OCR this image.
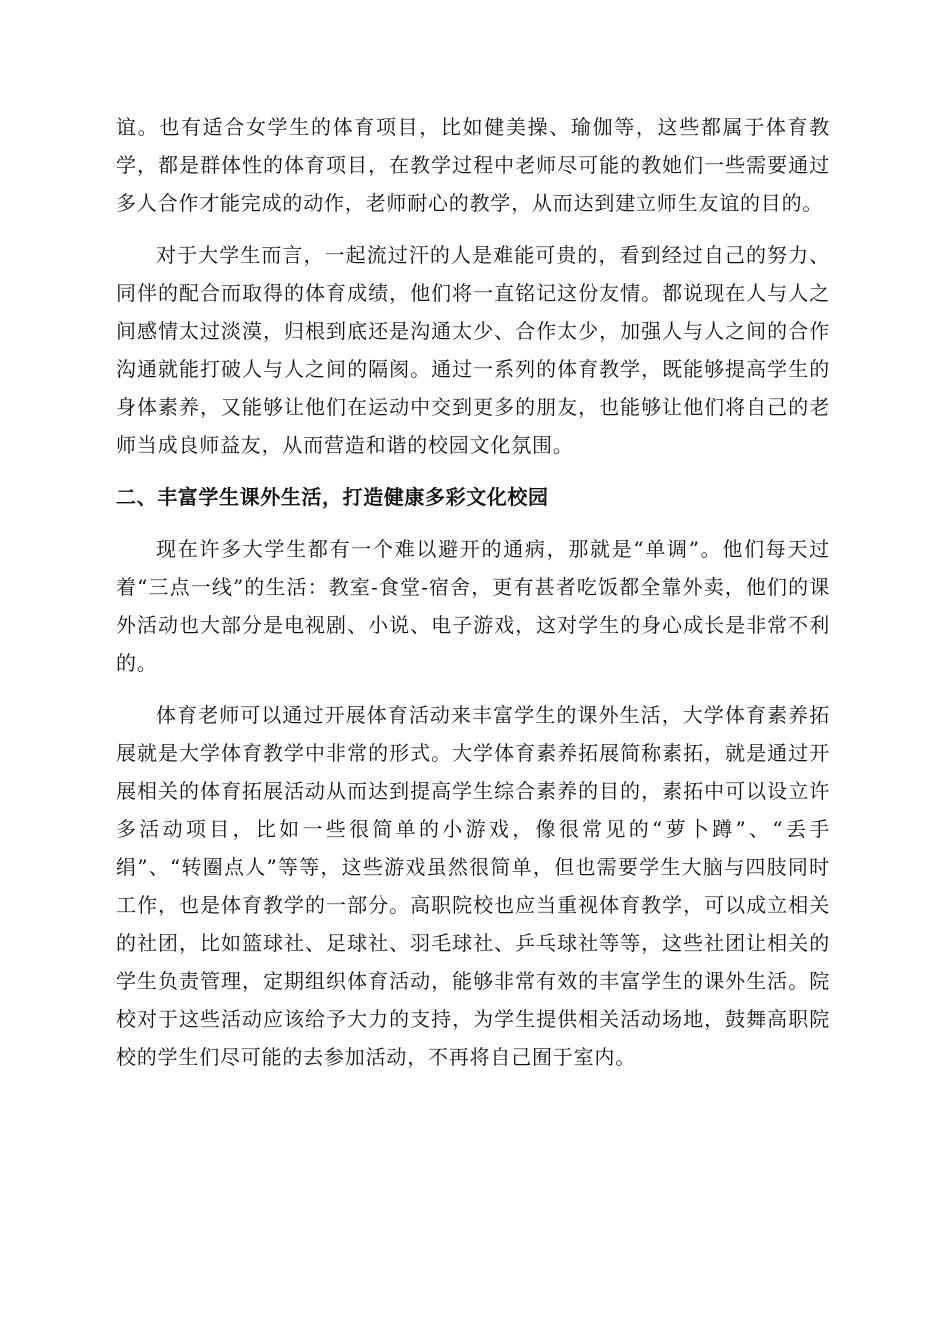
谊。也有适合女学生的体育项目，比如健美操、瑜伽等，这些都属于体育教学，都是群体性的体育项目，在教学过程中老师尽可能的教她们一些需要通过多人合作才能完成的动作，老师耐心的教学，从而达到建立师生友谊的目的。

对于大学生而言，一起流过汗的人是难能可贵的，看到经过自己的努力、同伴的配合而取得的体育成绩，他们将一直铭记这份友情。都说现在人与人之间感情太过淡漠，归根到底还是沟通太少、合作太少，加强人与人之间的合作沟通就能打破人与人之间的隔阂。通过一系列的体育教学，既能够提高学生的身体素养，又能够让他们在运动中交到更多的朋友，也能够让他们将自己的老师当成良师益友，从而营造和谐的校园文化氛围。

二、丰富学生课外生活，打造健康多彩文化校园

现在许多大学生都有一个难以避开的通病，那就是“单调”。他们每天过着“三点一线”的生活：教室-食堂-宿舍，更有甚者吃饭都全靠外卖，他们的课外活动也大部分是电视剧、小说、电子游戏，这对学生的身心成长是非常不利的。

体育老师可以通过开展体育活动来丰富学生的课外生活，大学体育素养拓展就是大学体育教学中非常的形式。大学体育素养拓展简称素拓，就是通过开展相关的体育拓展活动从而达到提高学生综合素养的目的，素拓中可以设立许多活动项目，比如一些很简单的小游戏，像很常见的“萝卜蹲”、“丢手绢”、“转圈点人”等等，这些游戏虽然很简单，但也需要学生大脑与四肢同时工作，也是体育教学的一部分。高职院校也应当重视体育教学，可以成立相关的社团，比如篮球社、足球社、羽毛球社、乒乓球社等等，这些社团让相关的学生负责管理，定期组织体育活动，能够非常有效的丰富学生的课外生活。院校对于这些活动应该给予大力的支持，为学生提供相关活动场地，鼓舞高职院校的学生们尽可能的去参加活动，不再将自己囿于室内。
